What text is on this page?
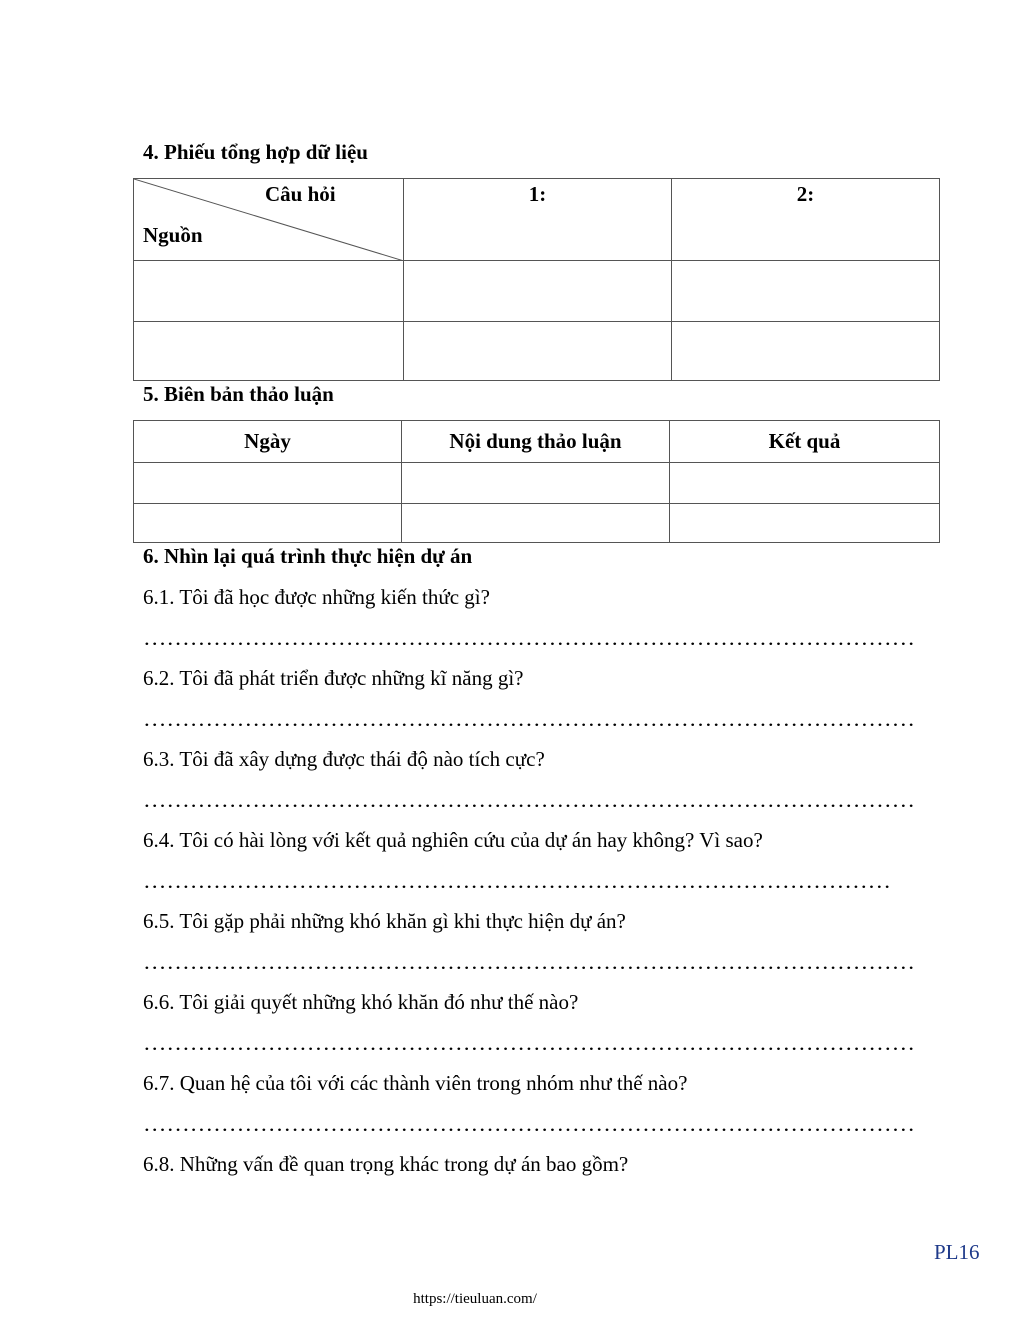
4. Phiếu tổng hợp dữ liệu
Câu hỏi
Nguồn	1:	2:

5. Biên bản thảo luận
Ngày	Nội dung thảo luận	Kết quả

6. Nhìn lại quá trình thực hiện dự án
6.1. Tôi đã học được những kiến thức gì?
………………………………………………………………………………………
6.2. Tôi đã phát triển được những kĩ năng gì?
………………………………………………………………………………………
6.3. Tôi đã xây dựng được thái độ nào tích cực?
………………………………………………………………………………………
6.4. Tôi có hài lòng với kết quả nghiên cứu của dự án hay không? Vì sao?
……………………………………………………………………………………
6.5. Tôi gặp phải những khó khăn gì khi thực hiện dự án?
………………………………………………………………………………………
6.6. Tôi giải quyết những khó khăn đó như thế nào?
………………………………………………………………………………………
6.7. Quan hệ của tôi với các thành viên trong nhóm như thế nào?
………………………………………………………………………………………
6.8. Những vấn đề quan trọng khác trong dự án bao gồm?
PL16
https://tieuluan.com/
